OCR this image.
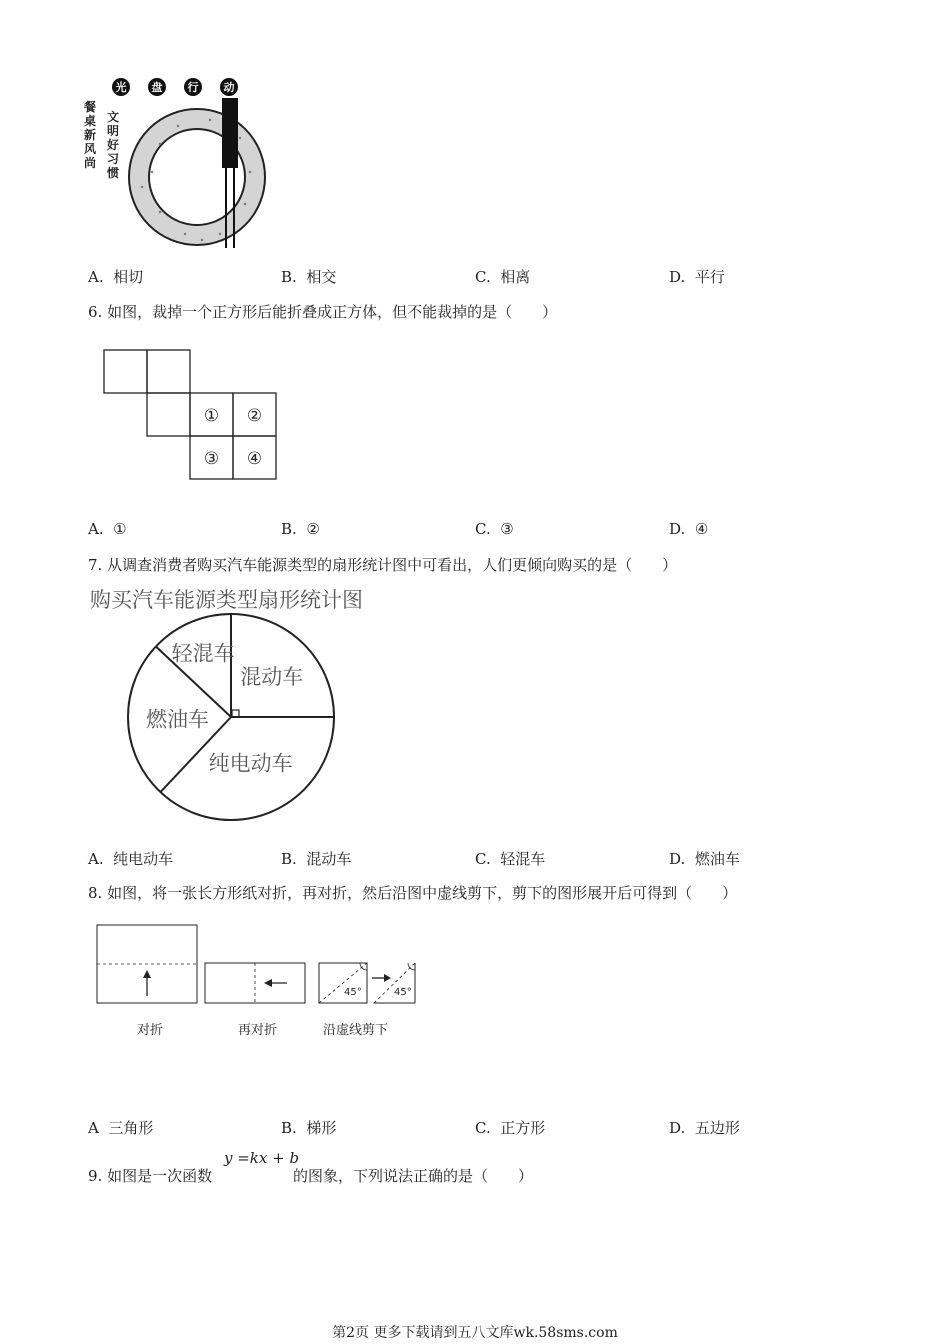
光 盘 行 动
餐
桌
新
风
尚
文
明
好
习
惯
A. 相切	B. 相交	C. 相离	D. 平行
6. 如图，裁掉一个正方形后能折叠成正方体，但不能裁掉的是（　　）
① ②
③ ④
A. ①	B. ②	C. ③	D. ④
7. 从调查消费者购买汽车能源类型的扇形统计图中可看出，人们更倾向购买的是（　　）
购买汽车能源类型扇形统计图
混动车
纯电动车
燃油车
轻混车
A. 纯电动车	B. 混动车	C. 轻混车	D. 燃油车
8. 如图，将一张长方形纸对折，再对折，然后沿图中虚线剪下，剪下的图形展开后可得到（　　）
45°	45°
对折	再对折	沿虚线剪下
A 三角形	B. 梯形	C. 正方形	D. 五边形
9. 如图是一次函数
y =kx + b
的图象，下列说法正确的是（　　）
第2页 更多下载请到五八文库wk.58sms.com
